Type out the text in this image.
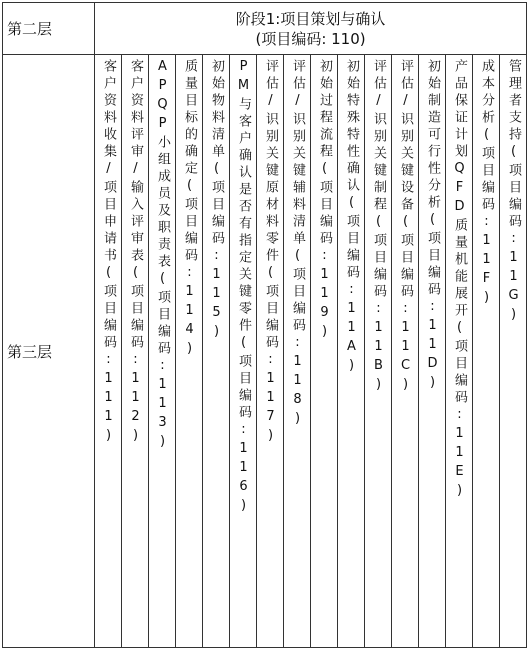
第二层	阶段1:项目策划与确认
(项目编码: 110)															

第三层	客户资料收集/项目申请书(项目编码:111)	客户资料评审/输入评审表(项目编码:112)	APQP小组成员及职责表(项目编码:113)	质量目标的确定(项目编码:114)	初始物料清单(项目编码:115)	PM与客户确认是否有指定关键零件(项目编码:116)	评估/识别关键原材料零件(项目编码:117)	评估/识别关键辅料清单(项目编码:118)	初始过程流程(项目编码:119)	初始特殊特性确认(项目编码:11A)	评估/识别关键制程(项目编码:11B)	评估/识别关键设备(项目编码:11C)	初始制造可行性分析(项目编码:11D)	产品保证计划QFD质量机能展开(项目编码:11E)	成本分析(项目编码:11F)	管理者支持(项目编码:11G)
